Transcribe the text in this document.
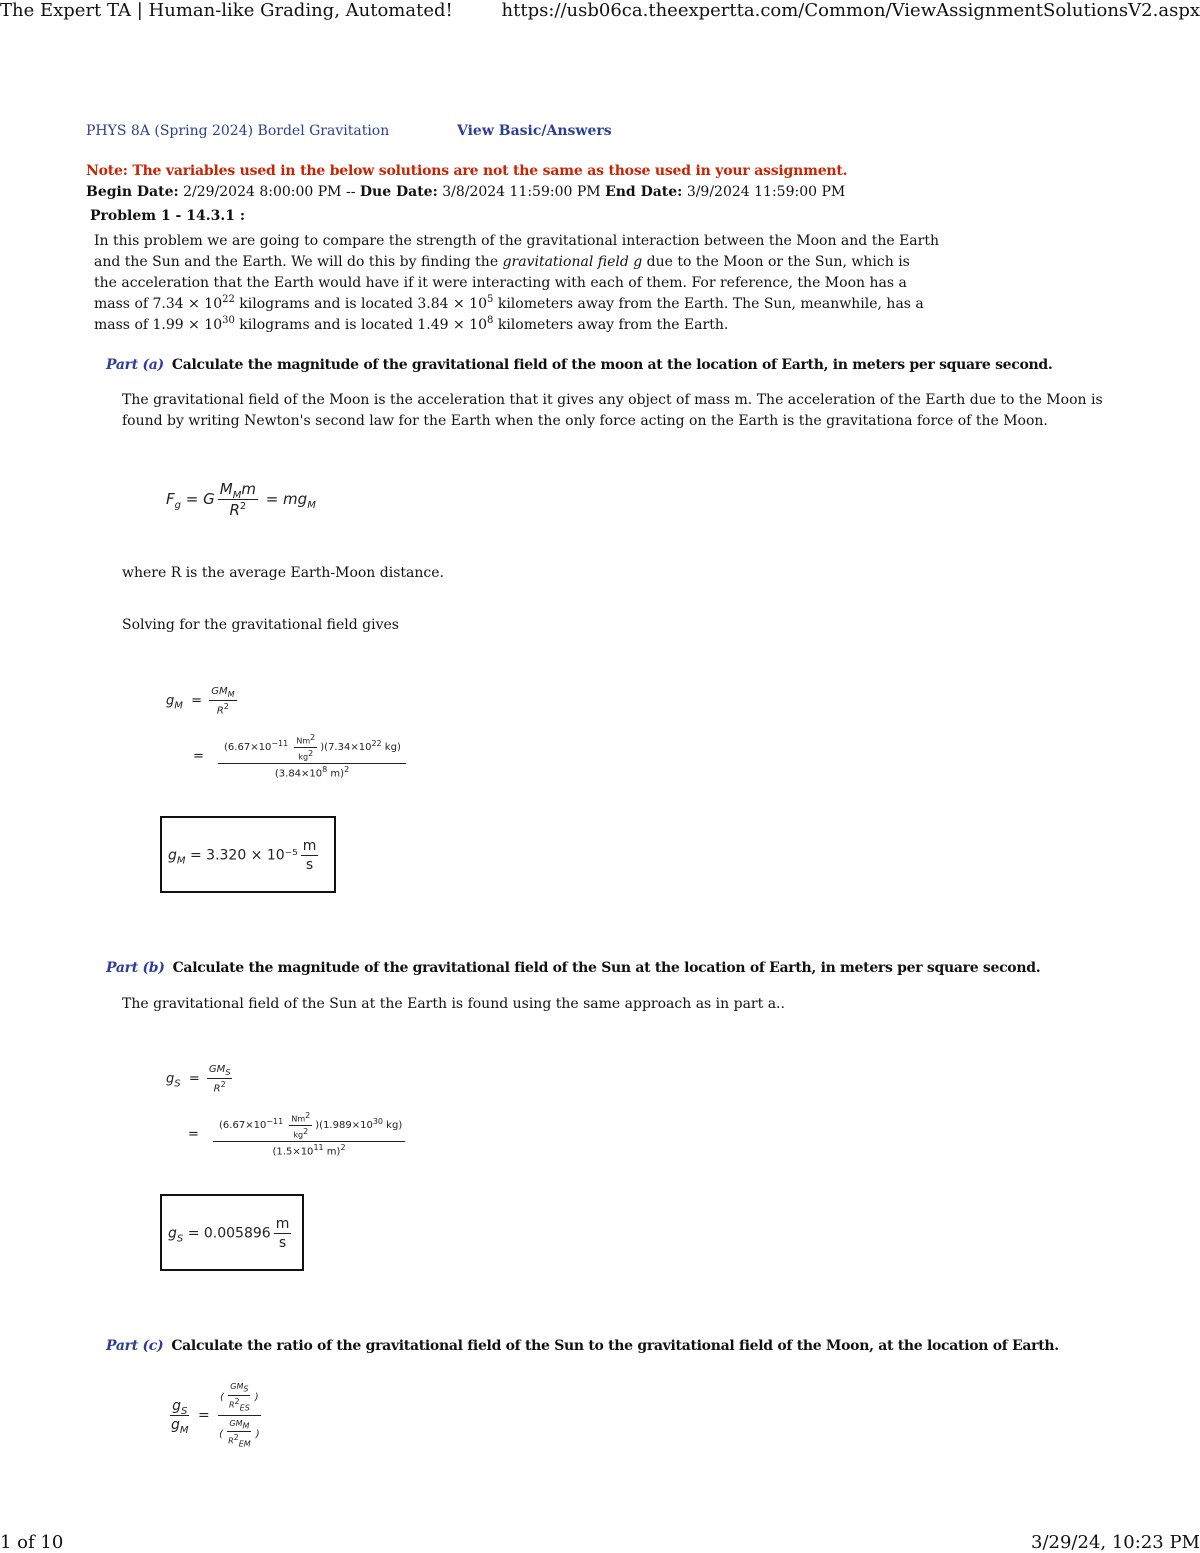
The Expert TA | Human-like Grading, Automated!	https://usb06ca.theexpertta.com/Common/ViewAssignmentSolutionsV2.aspx
PHYS 8A (Spring 2024) Bordel Gravitation	View Basic/Answers
Note: The variables used in the below solutions are not the same as those used in your assignment.
Begin Date: 2/29/2024 8:00:00 PM -- Due Date: 3/8/2024 11:59:00 PM End Date: 3/9/2024 11:59:00 PM
Problem 1 - 14.3.1 :
In this problem we are going to compare the strength of the gravitational interaction between the Moon and the Earth
and the Sun and the Earth. We will do this by finding the gravitational field g due to the Moon or the Sun, which is
the acceleration that the Earth would have if it were interacting with each of them. For reference, the Moon has a
mass of $7.34 \times 10^{22}$ kilograms and is located $3.84 \times 10^5$ kilometers away from the Earth. The Sun, meanwhile, has a
mass of $1.99 \times 10^{30}$ kilograms and is located $1.49 \times 10^8$ kilometers away from the Earth.
Part (a) Calculate the magnitude of the gravitational field of the moon at the location of Earth, in meters per square second.
The gravitational field of the Moon is the acceleration that it gives any object of mass m. The acceleration of the Earth due to the Moon is
found by writing Newton's second law for the Earth when the only force acting on the Earth is the gravitationa force of the Moon.
$F_g = G \frac{M_Mm}{R^2} = mg_M$
where R is the average Earth-Moon distance.
Solving for the gravitational field gives
$g_M = \frac{GM_M}{R^2}$
= $\frac{(6.67\times 10^{-11} \frac{Nm^2}{kg^2} )(7.34\times 10^{22} kg)}{(3.84\times 10^8 m)^2}$
$g_M = 3.320 \times 10^{-5} \frac{m}{s}$
Part (b) Calculate the magnitude of the gravitational field of the Sun at the location of Earth, in meters per square second.
The gravitational field of the Sun at the Earth is found using the same approach as in part a..
$g_S = \frac{GM_S}{R^2}$
= $\frac{(6.67\times 10^{-11} \frac{Nm^2}{kg^2} )(1.989\times 10^{30} kg)}{(1.5\times 10^{11} m)^2}$
$g_S = 0.005896 \frac{m}{s}$
Part (c) Calculate the ratio of the gravitational field of the Sun to the gravitational field of the Moon, at the location of Earth.
$\frac{g_S}{g_M} = \frac{( \frac{GM_S}{R^2_{ES}} )}{( \frac{GM_M}{R^2_{EM}} )}$
1 of 10	3/29/24, 10:23 PM
